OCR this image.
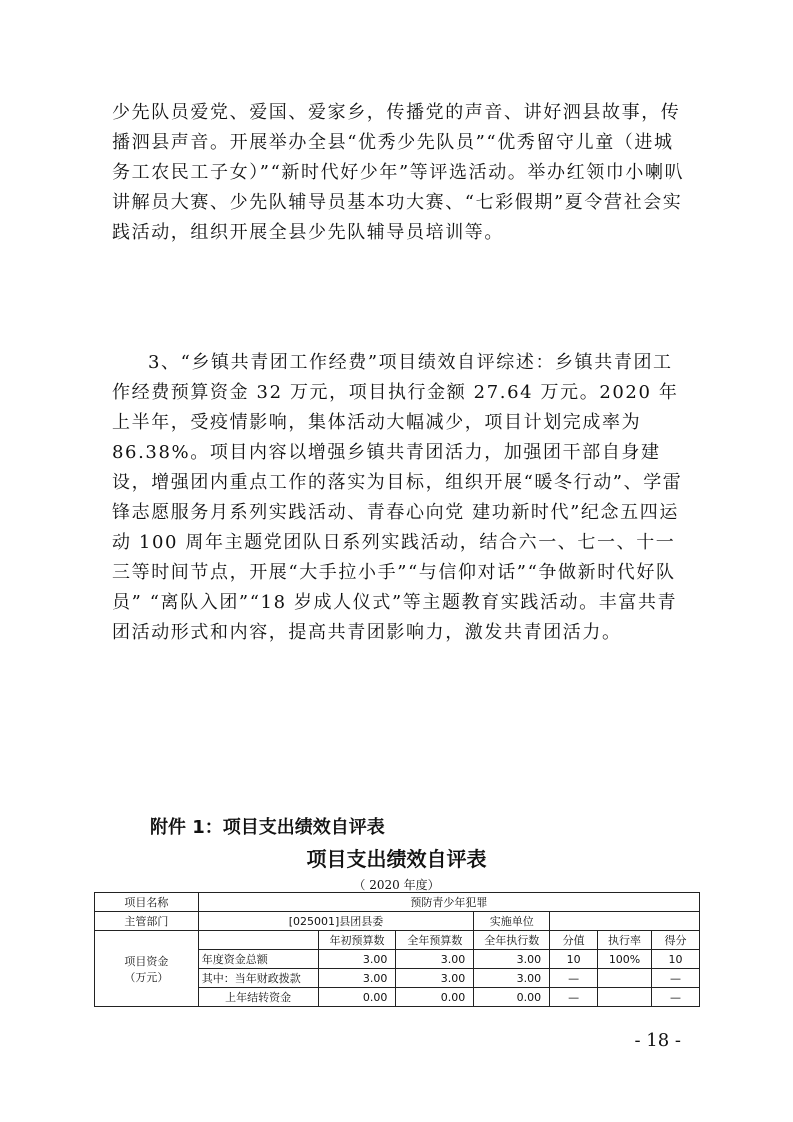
少先队员爱党、爱国、爱家乡，传播党的声音、讲好泗县故事，传播泗县声音。开展举办全县“优秀少先队员”“优秀留守儿童（进城务工农民工子女）”“新时代好少年”等评选活动。举办红领巾小喇叭讲解员大赛、少先队辅导员基本功大赛、“七彩假期”夏令营社会实践活动，组织开展全县少先队辅导员培训等。

3、“乡镇共青团工作经费”项目绩效自评综述：乡镇共青团工作经费预算资金 32 万元，项目执行金额 27.64 万元。2020 年上半年，受疫情影响，集体活动大幅减少，项目计划完成率为 86.38%。项目内容以增强乡镇共青团活力，加强团干部自身建设，增强团内重点工作的落实为目标，组织开展“暖冬行动”、学雷锋志愿服务月系列实践活动、青春心向党 建功新时代”纪念五四运动 100 周年主题党团队日系列实践活动，结合六一、七一、十一三等时间节点，开展“大手拉小手”“与信仰对话”“争做新时代好队员” “离队入团”“18 岁成人仪式”等主题教育实践活动。丰富共青团活动形式和内容，提高共青团影响力，激发共青团活力。

附件 1：项目支出绩效自评表

项目支出绩效自评表

（ 2020 年度）

项目名称	预防青少年犯罪						
主管部门	[025001]县团县委			实施单位			
项目资金
（万元）		年初预算数	全年预算数	全年执行数	分值	执行率	得分
	年度资金总额	3.00	3.00	3.00	10	100%	10
	其中：当年财政拨款	3.00	3.00	3.00	—		—
	上年结转资金	0.00	0.00	0.00	—		—

- 18 -
